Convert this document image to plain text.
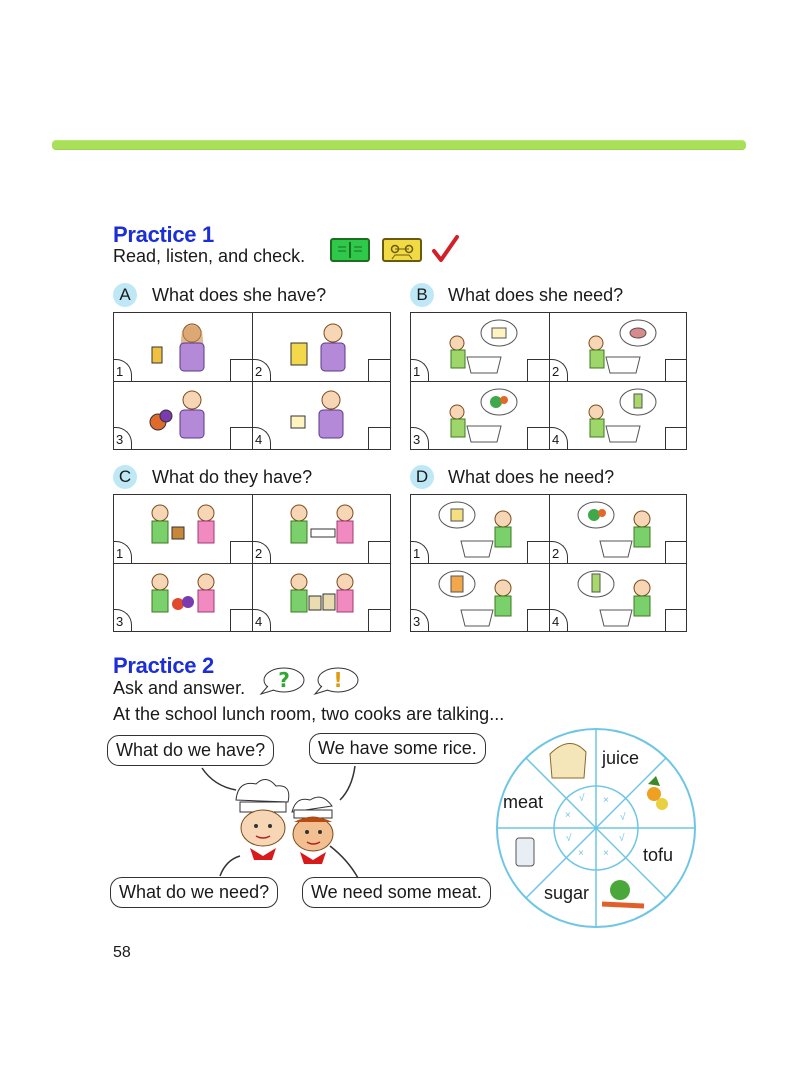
Practice 1
Read, listen, and check.
A	What does she have?
1	2
3	4
B	What does she need?
1	2
3	4
C	What do they have?
1	2
3	4
D	What does he need?
1	2
3	4
Practice 2
Ask and answer. ? !
At the school lunch room, two cooks are talking...
What do we have?	We have some rice.
What do we need?	We need some meat.
juice
meat
tofu
sugar
√ ×
×	√
√
× ×
√
58
